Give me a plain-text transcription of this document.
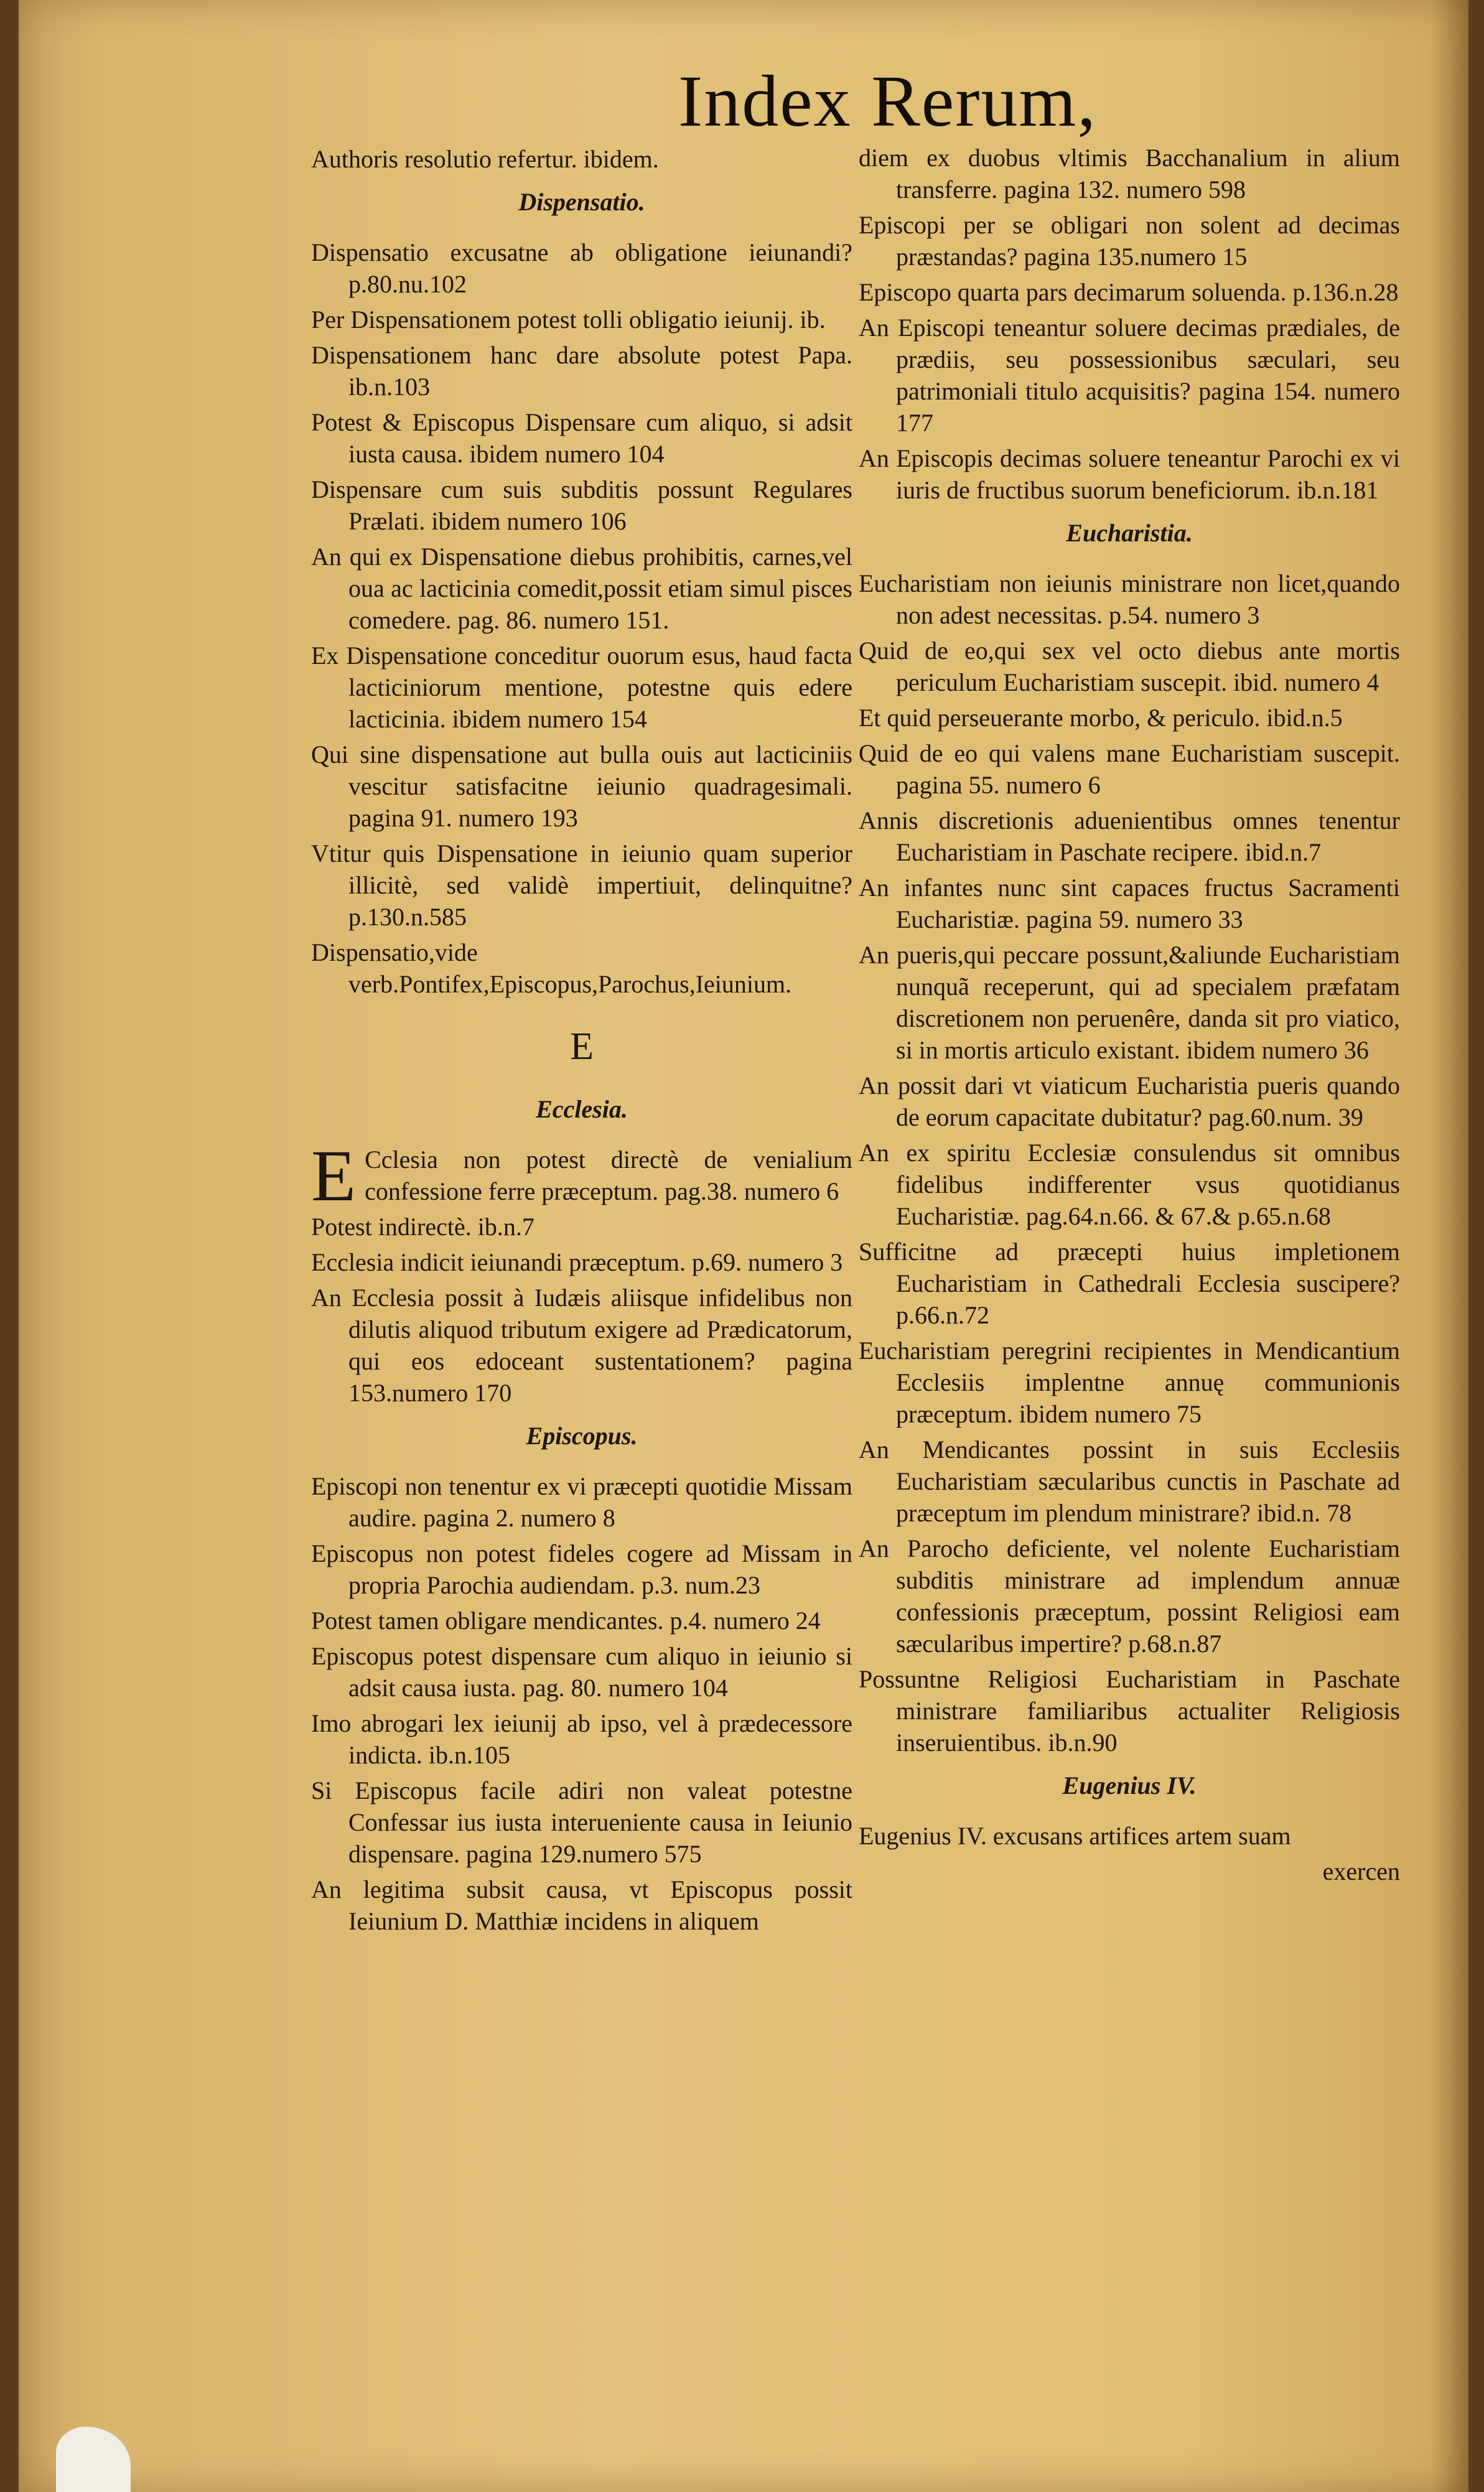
Index Rerum,
Authoris resolutio refertur. ibidem.
Dispensatio.
Dispensatio excusatne ab obligatione ieiunandi? p.80.nu.102
Per Dispensationem potest tolli obligatio ieiunij. ib.
Dispensationem hanc dare absolute potest Papa. ib.n.103
Potest & Episcopus Dispensare cum aliquo, si adsit iusta causa. ibidem numero 104
Dispensare cum suis subditis possunt Regulares Prælati. ibidem numero 106
An qui ex Dispensatione diebus prohibitis, carnes,vel oua ac lacticinia comedit,possit etiam simul pisces comedere. pag. 86. numero 151.
Ex Dispensatione conceditur ouorum esus, haud facta lacticiniorum mentione, potestne quis edere lacticinia. ibidem numero 154
Qui sine dispensatione aut bulla ouis aut lacticiniis vescitur satisfacitne ieiunio quadragesimali. pagina 91. numero 193
Vtitur quis Dispensatione in ieiunio quam superior illicitè, sed validè impertiuit, delinquitne? p.130.n.585
Dispensatio,vide verb.Pontifex,Episcopus,Parochus,Ieiunium.
E
Ecclesia.
E Cclesia non potest directè de venialium confessione ferre præceptum. pag.38. numero 6
Potest indirectè. ib.n.7
Ecclesia indicit ieiunandi præceptum. p.69. numero 3
An Ecclesia possit à Iudæis aliisque infidelibus non dilutis aliquod tributum exigere ad Prædicatorum, qui eos edoceant sustentationem? pagina 153.numero 170
Episcopus.
Episcopi non tenentur ex vi præcepti quotidie Missam audire. pagina 2. numero 8
Episcopus non potest fideles cogere ad Missam in propria Parochia audiendam. p.3. num.23
Potest tamen obligare mendicantes. p.4. numero 24
Episcopus potest dispensare cum aliquo in ieiunio si adsit causa iusta. pag. 80. numero 104
Imo abrogari lex ieiunij ab ipso, vel à prædecessore indicta. ib.n.105
Si Episcopus facile adiri non valeat potestne Confessar ius iusta interueniente causa in Ieiunio dispensare. pagina 129.numero 575
An legitima subsit causa, vt Episcopus possit Ieiunium D. Matthiæ incidens in aliquem
diem ex duobus vltimis Bacchanalium in alium transferre. pagina 132. numero 598
Episcopi per se obligari non solent ad decimas præstandas? pagina 135.numero 15
Episcopo quarta pars decimarum soluenda. p.136.n.28
An Episcopi teneantur soluere decimas prædiales, de prædiis, seu possessionibus sæculari, seu patrimoniali titulo acquisitis? pagina 154. numero 177
An Episcopis decimas soluere teneantur Parochi ex vi iuris de fructibus suorum beneficiorum. ib.n.181
Eucharistia.
Eucharistiam non ieiunis ministrare non licet,quando non adest necessitas. p.54. numero 3
Quid de eo,qui sex vel octo diebus ante mortis periculum Eucharistiam suscepit. ibid. numero 4
Et quid perseuerante morbo, & periculo. ibid.n.5
Quid de eo qui valens mane Eucharistiam suscepit. pagina 55. numero 6
Annis discretionis aduenientibus omnes tenentur Eucharistiam in Paschate recipere. ibid.n.7
An infantes nunc sint capaces fructus Sacramenti Eucharistiæ. pagina 59. numero 33
An pueris,qui peccare possunt,&aliunde Eucharistiam nunquã receperunt, qui ad specialem præfatam discretionem non peruenêre, danda sit pro viatico, si in mortis articulo existant. ibidem numero 36
An possit dari vt viaticum Eucharistia pueris quando de eorum capacitate dubitatur? pag.60.num. 39
An ex spiritu Ecclesiæ consulendus sit omnibus fidelibus indifferenter vsus quotidianus Eucharistiæ. pag.64.n.66. & 67.& p.65.n.68
Sufficitne ad præcepti huius impletionem Eucharistiam in Cathedrali Ecclesia suscipere? p.66.n.72
Eucharistiam peregrini recipientes in Mendicantium Ecclesiis implentne annuę communionis præceptum. ibidem numero 75
An Mendicantes possint in suis Ecclesiis Eucharistiam sæcularibus cunctis in Paschate ad præceptum im plendum ministrare? ibid.n. 78
An Parocho deficiente, vel nolente Eucharistiam subditis ministrare ad implendum annuæ confessionis præceptum, possint Religiosi eam sæcularibus impertire? p.68.n.87
Possuntne Religiosi Eucharistiam in Paschate ministrare familiaribus actualiter Religiosis inseruientibus. ib.n.90
Eugenius IV.
Eugenius IV. excusans artifices artem suam
exercen
